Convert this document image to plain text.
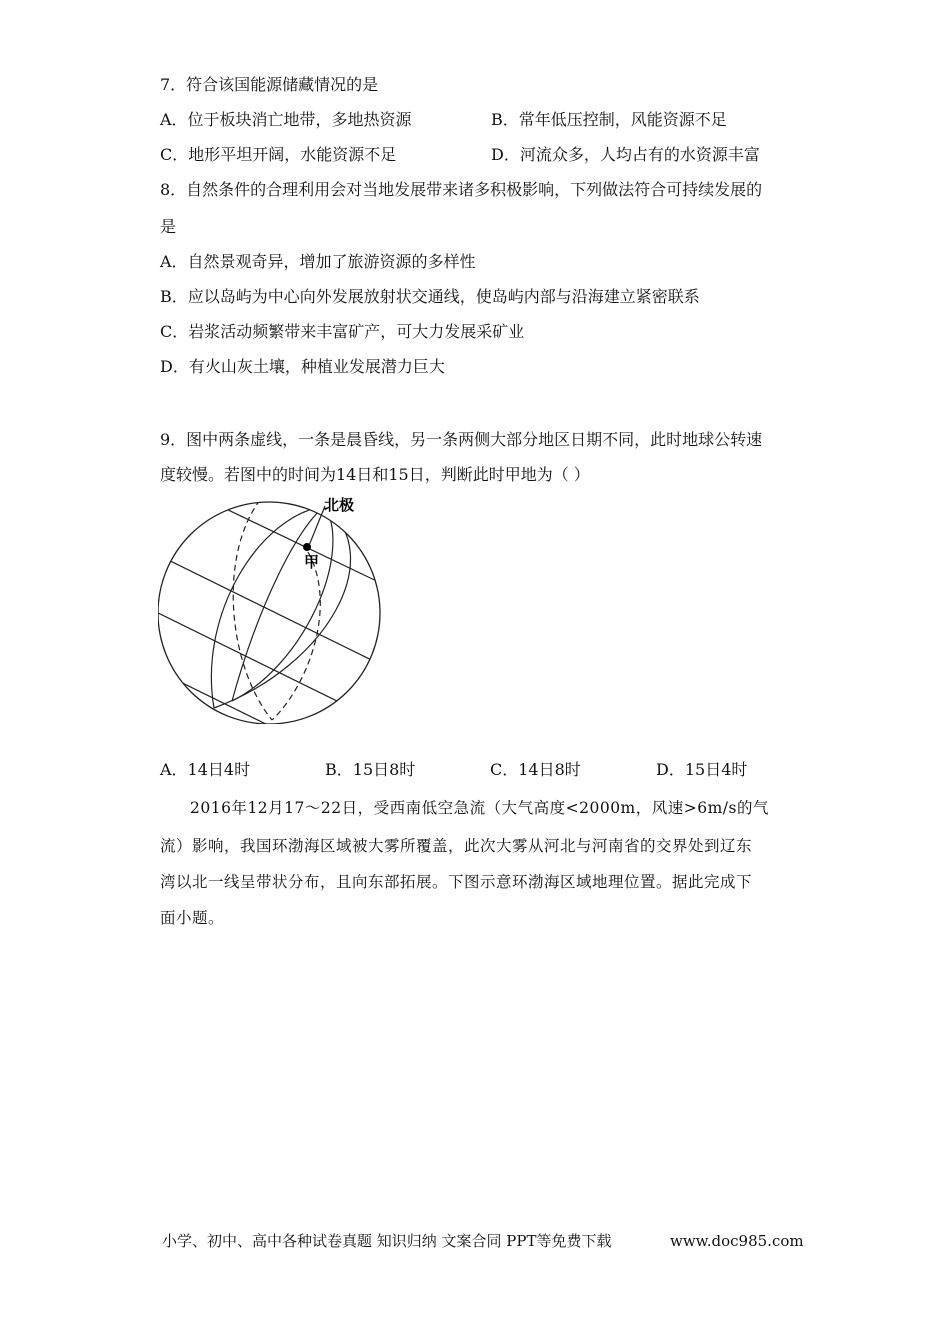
7．符合该国能源储藏情况的是
A．位于板块消亡地带，多地热资源	B．常年低压控制，风能资源不足
C．地形平坦开阔，水能资源不足	D．河流众多，人均占有的水资源丰富
8．自然条件的合理利用会对当地发展带来诸多积极影响，下列做法符合可持续发展的
是
A．自然景观奇异，增加了旅游资源的多样性
B．应以岛屿为中心向外发展放射状交通线，使岛屿内部与沿海建立紧密联系
C．岩浆活动频繁带来丰富矿产，可大力发展采矿业
D．有火山灰土壤，种植业发展潜力巨大
9．图中两条虚线，一条是晨昏线，另一条两侧大部分地区日期不同，此时地球公转速
度较慢。若图中的时间为14日和15日，判断此时甲地为（ ）
北极
甲
A．14日4时	B．15日8时	C．14日8时	D．15日4时
2016年12月17～22日，受西南低空急流（大气高度<2000m，风速>6m/s的气
流）影响，我国环渤海区域被大雾所覆盖，此次大雾从河北与河南省的交界处到辽东
湾以北一线呈带状分布，且向东部拓展。下图示意环渤海区域地理位置。据此完成下
面小题。
小学、初中、高中各种试卷真题 知识归纳 文案合同 PPT等免费下载	www.doc985.com
